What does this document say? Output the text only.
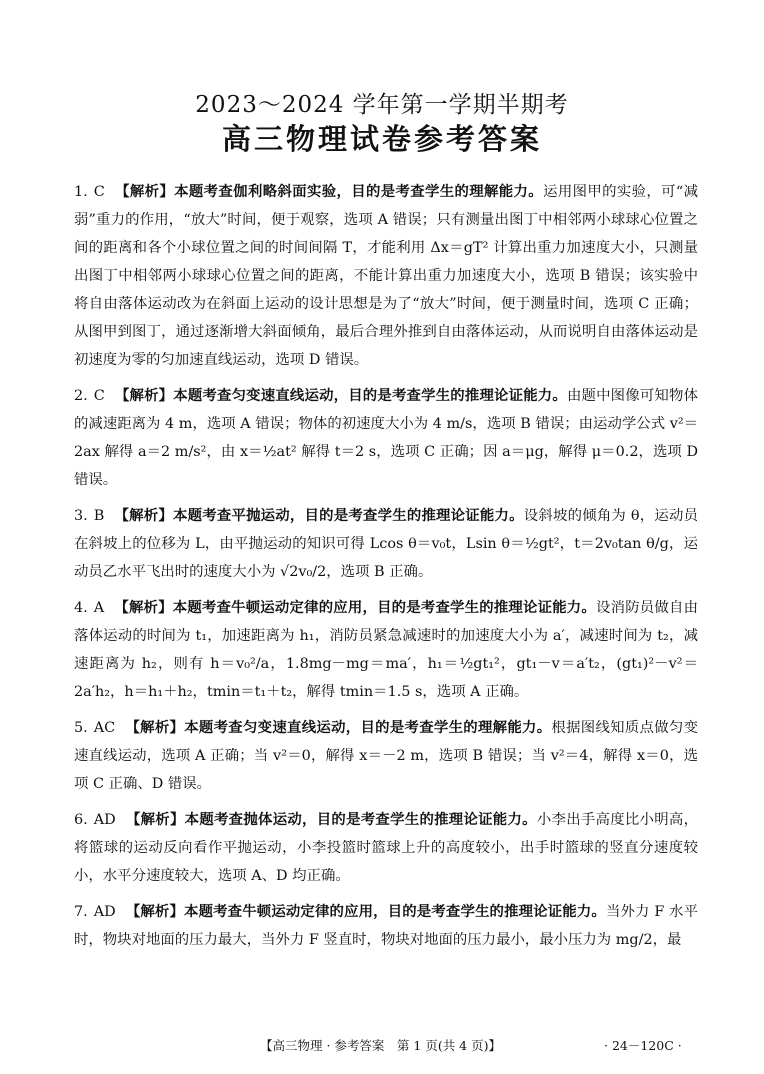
2023～2024 学年第一学期半期考
高三物理试卷参考答案

1. C 【解析】本题考查伽利略斜面实验，目的是考查学生的理解能力。运用图甲的实验，可“减弱”重力的作用，“放大”时间，便于观察，选项 A 错误；只有测量出图丁中相邻两小球球心位置之间的距离和各个小球位置之间的时间间隔 T，才能利用 Δx＝gT² 计算出重力加速度大小，只测量出图丁中相邻两小球球心位置之间的距离，不能计算出重力加速度大小，选项 B 错误；该实验中将自由落体运动改为在斜面上运动的设计思想是为了“放大”时间，便于测量时间，选项 C 正确；从图甲到图丁，通过逐渐增大斜面倾角，最后合理外推到自由落体运动，从而说明自由落体运动是初速度为零的匀加速直线运动，选项 D 错误。

2. C 【解析】本题考查匀变速直线运动，目的是考查学生的推理论证能力。由题中图像可知物体的减速距离为 4 m，选项 A 错误；物体的初速度大小为 4 m/s，选项 B 错误；由运动学公式 v²＝2ax 解得 a＝2 m/s²，由 x＝½at² 解得 t＝2 s，选项 C 正确；因 a＝μg，解得 μ＝0.2，选项 D 错误。

3. B 【解析】本题考查平抛运动，目的是考查学生的推理论证能力。设斜坡的倾角为 θ，运动员在斜坡上的位移为 L，由平抛运动的知识可得 Lcos θ＝v₀t，Lsin θ＝½gt²，t＝2v₀tan θ/g，运动员乙水平飞出时的速度大小为 √2v₀/2，选项 B 正确。

4. A 【解析】本题考查牛顿运动定律的应用，目的是考查学生的推理论证能力。设消防员做自由落体运动的时间为 t₁，加速距离为 h₁，消防员紧急减速时的加速度大小为 a′，减速时间为 t₂，减速距离为 h₂，则有 h＝v₀²/a，1.8mg－mg＝ma′，h₁＝½gt₁²，gt₁－v＝a′t₂，(gt₁)²－v²＝2a′h₂，h＝h₁＋h₂，tmin＝t₁＋t₂，解得 tmin＝1.5 s，选项 A 正确。

5. AC 【解析】本题考查匀变速直线运动，目的是考查学生的理解能力。根据图线知质点做匀变速直线运动，选项 A 正确；当 v²＝0，解得 x＝－2 m，选项 B 错误；当 v²＝4，解得 x＝0，选项 C 正确、D 错误。

6. AD 【解析】本题考查抛体运动，目的是考查学生的推理论证能力。小李出手高度比小明高，将篮球的运动反向看作平抛运动，小李投篮时篮球上升的高度较小，出手时篮球的竖直分速度较小，水平分速度较大，选项 A、D 均正确。

7. AD 【解析】本题考查牛顿运动定律的应用，目的是考查学生的推理论证能力。当外力 F 水平时，物块对地面的压力最大，当外力 F 竖直时，物块对地面的压力最小，最小压力为 mg/2，最

【高三物理 · 参考答案　第 1 页(共 4 页)】	· 24－120C ·
